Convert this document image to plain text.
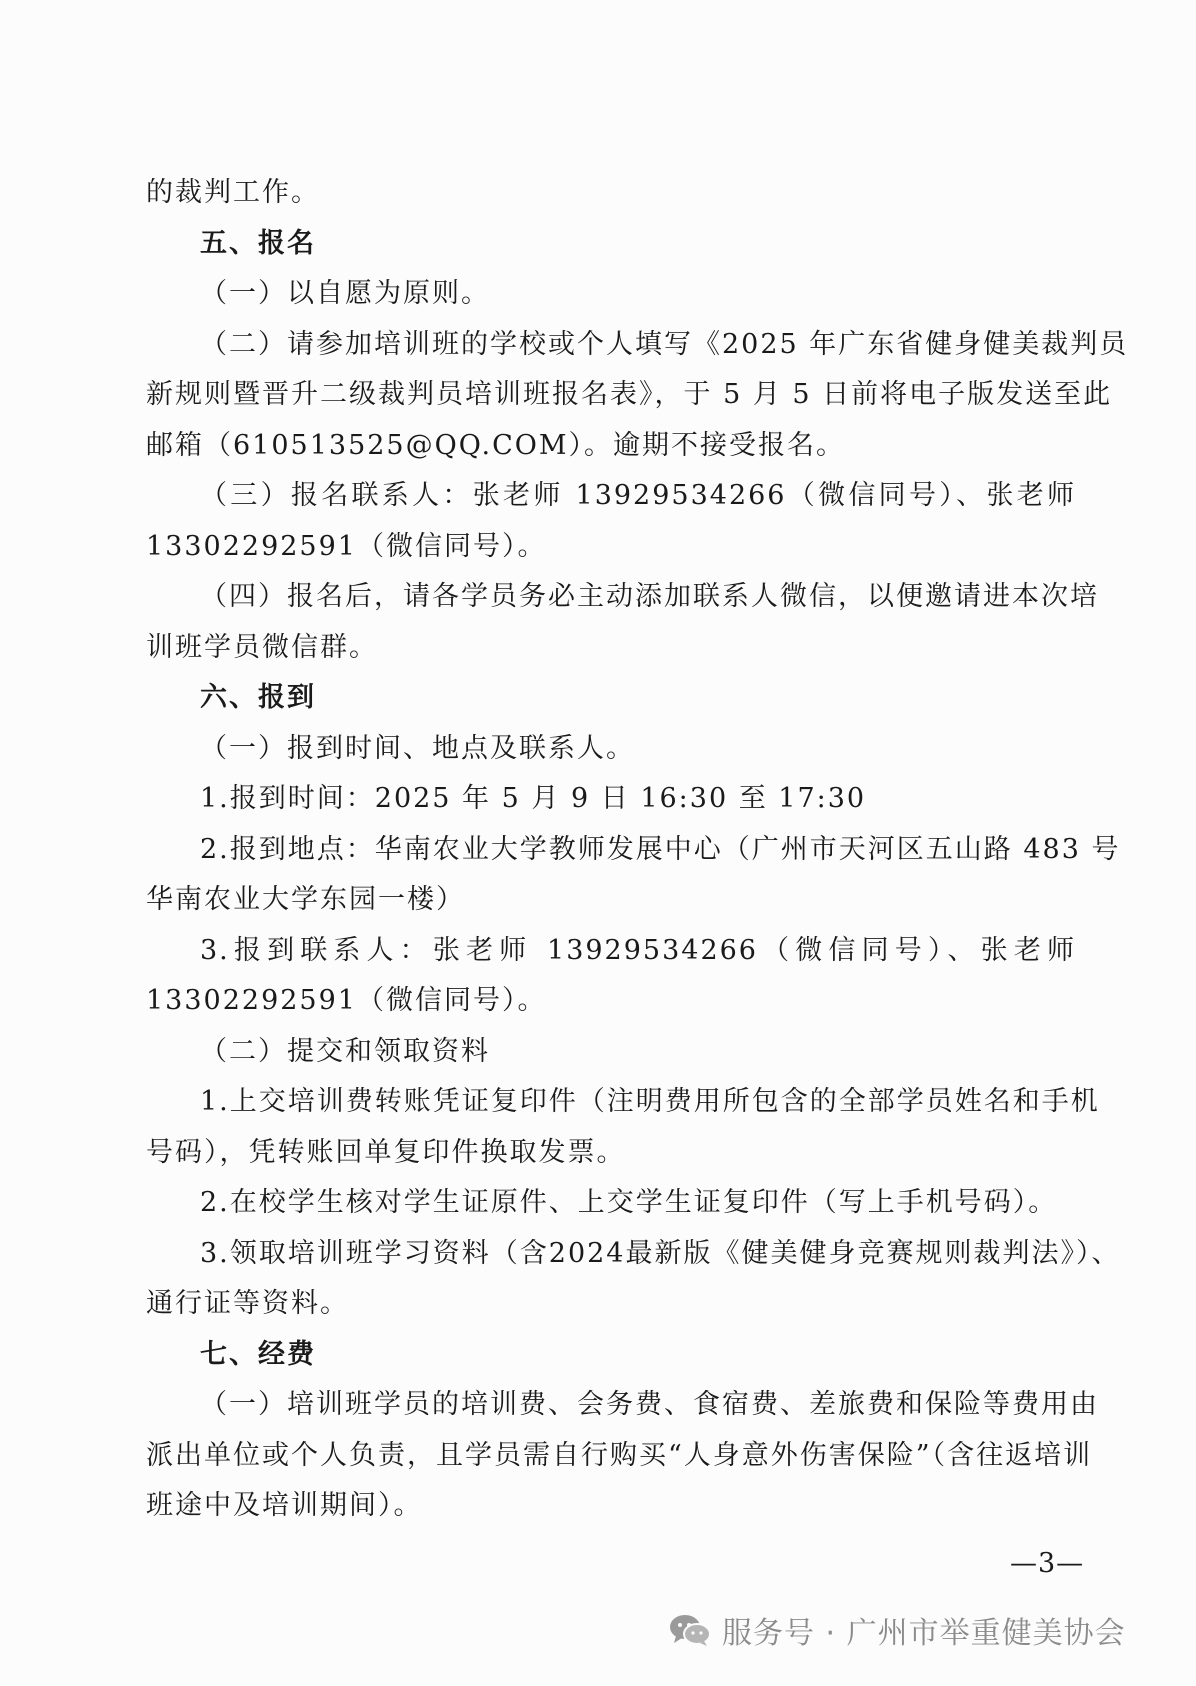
的裁判工作。
五、报名
（一）以自愿为原则。
（二）请参加培训班的学校或个人填写《2025 年广东省健身健美裁判员
新规则暨晋升二级裁判员培训班报名表》，于 5 月 5 日前将电子版发送至此
邮箱（610513525@QQ.COM）。逾期不接受报名。
（三）报名联系人：张老师 13929534266（微信同号）、张老师
13302292591（微信同号）。
（四）报名后，请各学员务必主动添加联系人微信，以便邀请进本次培
训班学员微信群。
六、报到
（一）报到时间、地点及联系人。
1.报到时间：2025 年 5 月 9 日 16:30 至 17:30
2.报到地点：华南农业大学教师发展中心（广州市天河区五山路 483 号
华南农业大学东园一楼）
3.报到联系人：张老师 13929534266（微信同号）、张老师
13302292591（微信同号）。
（二）提交和领取资料
1.上交培训费转账凭证复印件（注明费用所包含的全部学员姓名和手机
号码），凭转账回单复印件换取发票。
2.在校学生核对学生证原件、上交学生证复印件（写上手机号码）。
3.领取培训班学习资料（含2024最新版《健美健身竞赛规则裁判法》）、
通行证等资料。
七、经费
（一）培训班学员的培训费、会务费、食宿费、差旅费和保险等费用由
派出单位或个人负责，且学员需自行购买“人身意外伤害保险”（含往返培训
班途中及培训期间）。
—3—
服务号 · 广州市举重健美协会
